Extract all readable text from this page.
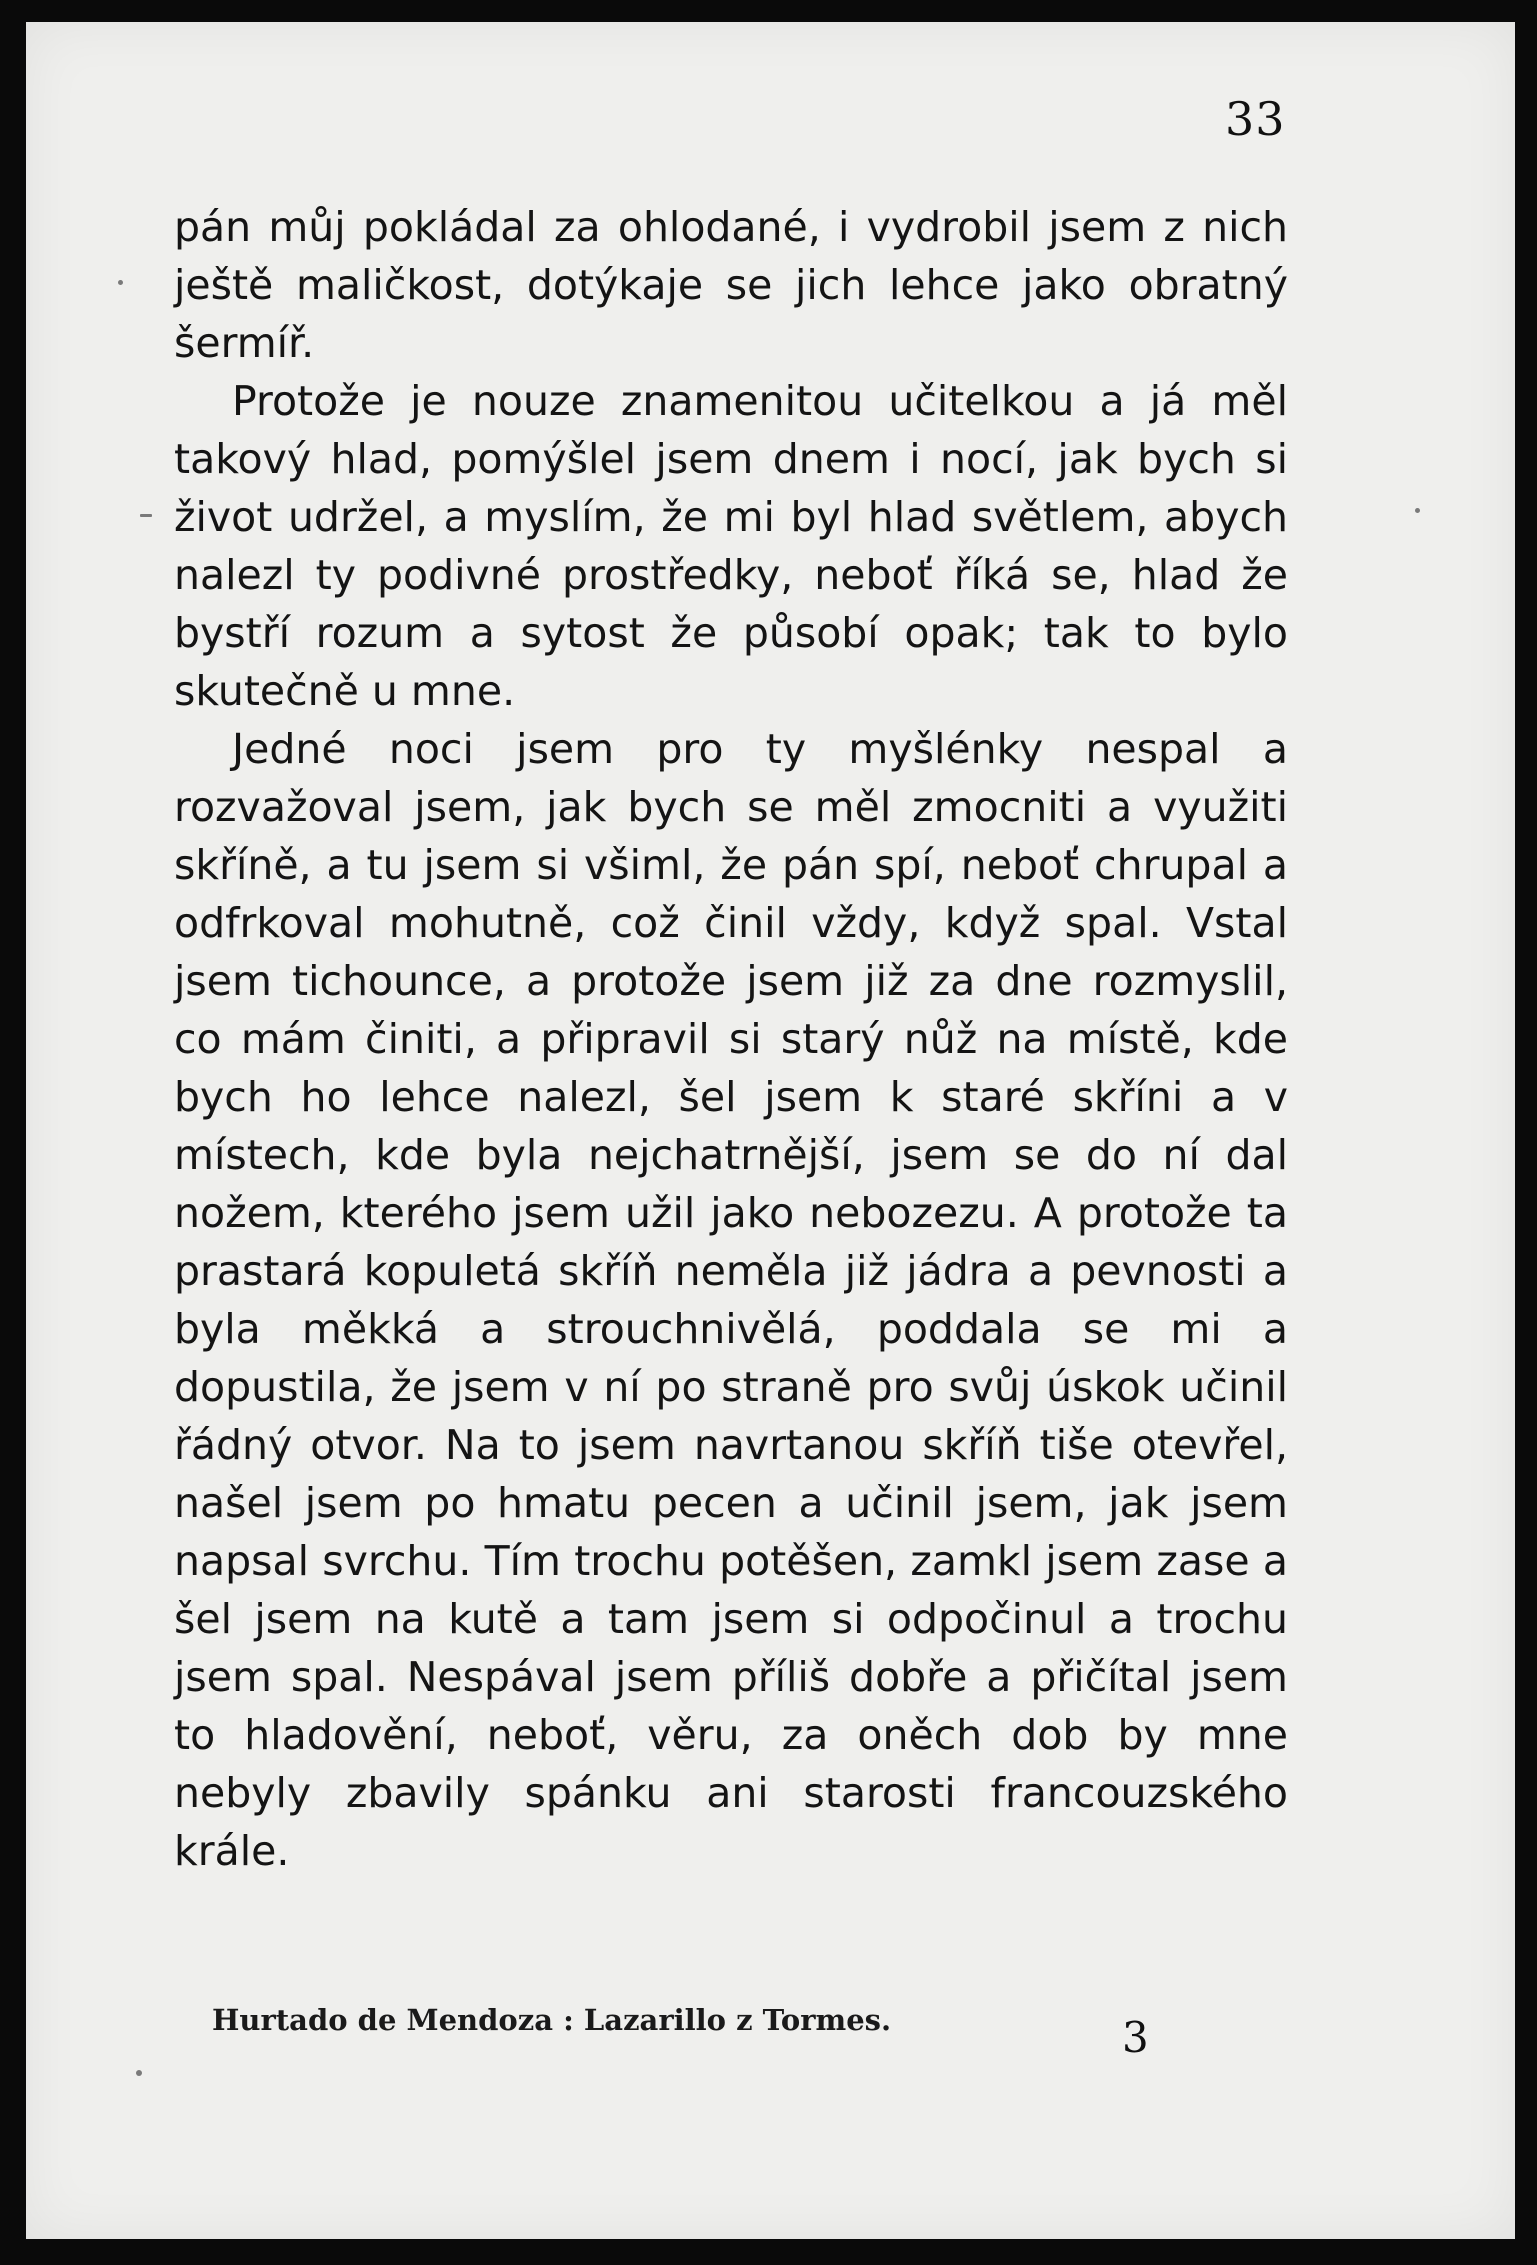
33

pán můj pokládal za ohlodané, i vydrobil jsem z nich ještě maličkost, dotýkaje se jich lehce jako obratný šermíř.

Protože je nouze znamenitou učitelkou a já měl takový hlad, pomýšlel jsem dnem i nocí, jak bych si život udržel, a myslím, že mi byl hlad světlem, abych nalezl ty podivné prostředky, neboť říká se, hlad že bystří rozum a sytost že působí opak; tak to bylo skutečně u mne.

Jedné noci jsem pro ty myšlénky nespal a rozvažoval jsem, jak bych se měl zmocniti a využiti skříně, a tu jsem si všiml, že pán spí, neboť chrupal a odfrkoval mohutně, což činil vždy, když spal. Vstal jsem tichounce, a protože jsem již za dne rozmyslil, co mám činiti, a připravil si starý nůž na místě, kde bych ho lehce nalezl, šel jsem k staré skříni a v místech, kde byla nejchatrnější, jsem se do ní dal nožem, kterého jsem užil jako nebozezu. A protože ta prastará kopuletá skříň neměla již jádra a pevnosti a byla měkká a strouchnivělá, poddala se mi a dopustila, že jsem v ní po straně pro svůj úskok učinil řádný otvor. Na to jsem navrtanou skříň tiše otevřel, našel jsem po hmatu pecen a učinil jsem, jak jsem napsal svrchu. Tím trochu potěšen, zamkl jsem zase a šel jsem na kutě a tam jsem si odpočinul a trochu jsem spal. Nespával jsem příliš dobře a přičítal jsem to hladovění, neboť, věru, za oněch dob by mne nebyly zbavily spánku ani starosti francouzského krále.

Hurtado de Mendoza : Lazarillo z Tormes.	3
